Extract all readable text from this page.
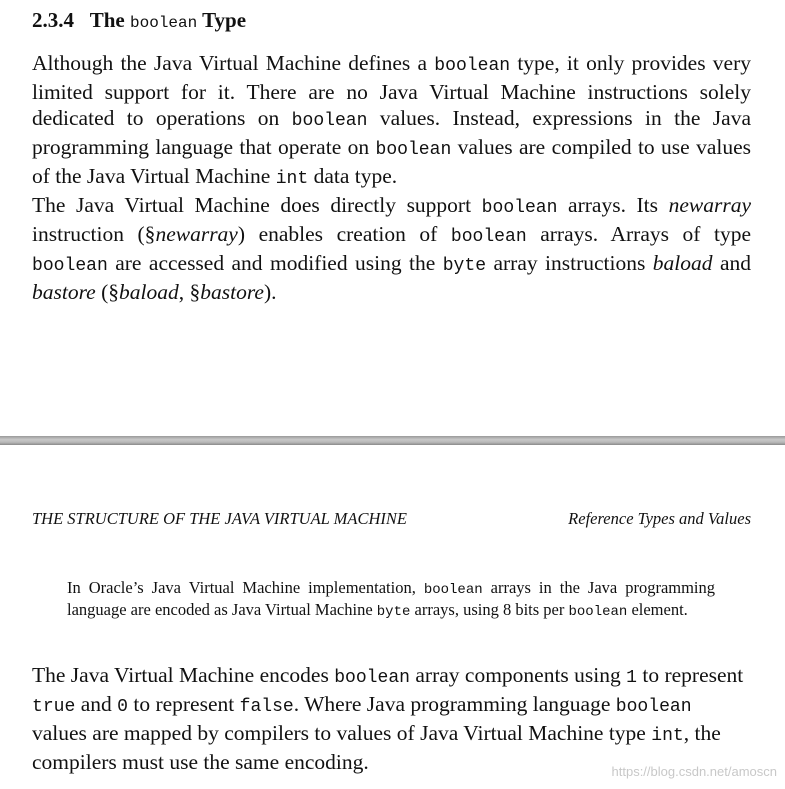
2.3.4 The boolean Type

Although the Java Virtual Machine defines a boolean type, it only provides very limited support for it. There are no Java Virtual Machine instructions solely dedicated to operations on boolean values. Instead, expressions in the Java programming language that operate on boolean values are compiled to use values of the Java Virtual Machine int data type.

The Java Virtual Machine does directly support boolean arrays. Its newarray instruction (§newarray) enables creation of boolean arrays. Arrays of type boolean are accessed and modified using the byte array instructions baload and bastore (§baload, §bastore).

THE STRUCTURE OF THE JAVA VIRTUAL MACHINE	Reference Types and Values

In Oracle’s Java Virtual Machine implementation, boolean arrays in the Java programming language are encoded as Java Virtual Machine byte arrays, using 8 bits per boolean element.

The Java Virtual Machine encodes boolean array components using 1 to represent true and 0 to represent false. Where Java programming language boolean values are mapped by compilers to values of Java Virtual Machine type int, the compilers must use the same encoding.	https://blog.csdn.net/amoscn
